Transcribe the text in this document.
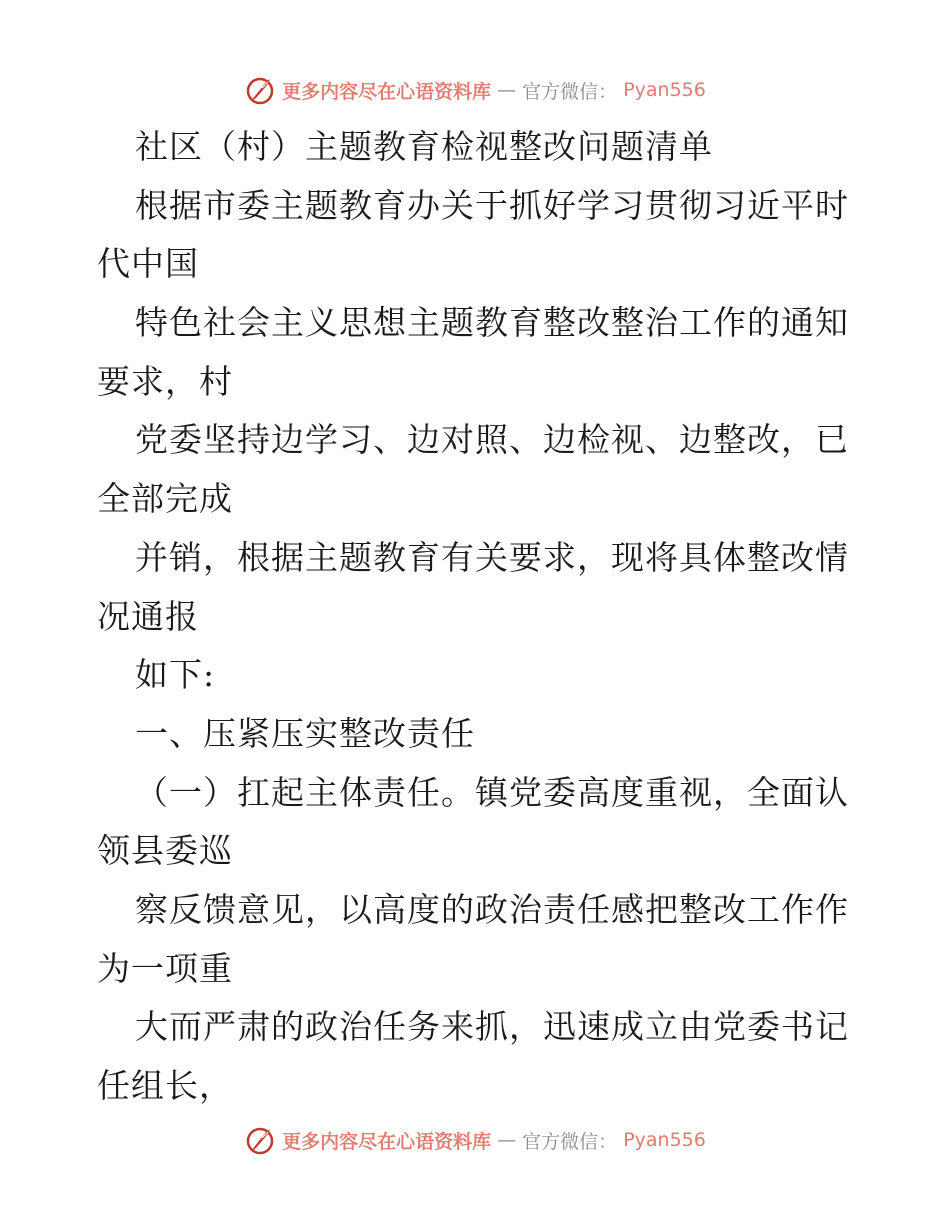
更多内容尽在心语资料库 — 官方微信： Pyan556
社区（村）主题教育检视整改问题清单
根据市委主题教育办关于抓好学习贯彻习近平时
代中国
特色社会主义思想主题教育整改整治工作的通知
要求，村
党委坚持边学习、边对照、边检视、边整改，已
全部完成
并销，根据主题教育有关要求，现将具体整改情
况通报
如下:
一、压紧压实整改责任
（一）扛起主体责任。镇党委高度重视，全面认
领县委巡
察反馈意见，以高度的政治责任感把整改工作作
为一项重
大而严肃的政治任务来抓，迅速成立由党委书记
任组长，
更多内容尽在心语资料库 — 官方微信： Pyan556
